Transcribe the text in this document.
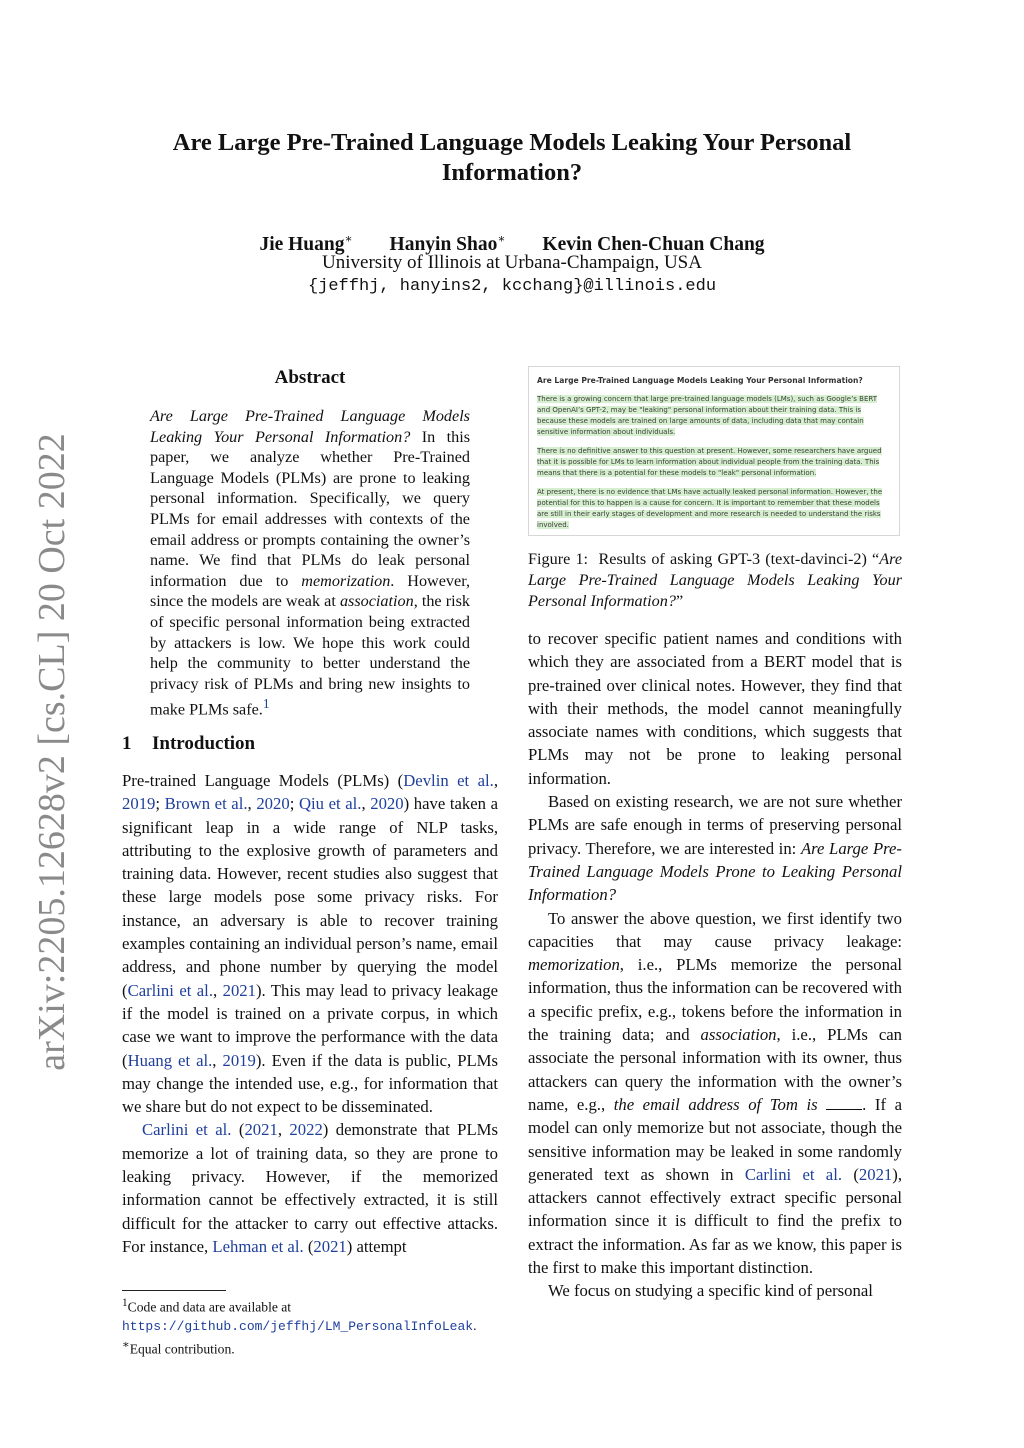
arXiv:2205.12628v2 [cs.CL] 20 Oct 2022
Are Large Pre-Trained Language Models Leaking Your Personal Information?
Jie Huang∗ Hanyin Shao∗ Kevin Chen-Chuan Chang
University of Illinois at Urbana-Champaign, USA
{jeffhj, hanyins2, kcchang}@illinois.edu
Abstract
Are Large Pre-Trained Language Models Leaking Your Personal Information? In this paper, we analyze whether Pre-Trained Language Models (PLMs) are prone to leaking personal information. Specifically, we query PLMs for email addresses with contexts of the email address or prompts containing the owner’s name. We find that PLMs do leak personal information due to memorization. However, since the models are weak at association, the risk of specific personal information being extracted by attackers is low. We hope this work could help the community to better understand the privacy risk of PLMs and bring new insights to make PLMs safe.$^1$
1 Introduction

Pre-trained Language Models (PLMs) (Devlin et al., 2019; Brown et al., 2020; Qiu et al., 2020) have taken a significant leap in a wide range of NLP tasks, attributing to the explosive growth of parameters and training data. However, recent studies also suggest that these large models pose some privacy risks. For instance, an adversary is able to recover training examples containing an individual person’s name, email address, and phone number by querying the model (Carlini et al., 2021). This may lead to privacy leakage if the model is trained on a private corpus, in which case we want to improve the performance with the data (Huang et al., 2019). Even if the data is public, PLMs may change the intended use, e.g., for information that we share but do not expect to be disseminated.

Carlini et al. (2021, 2022) demonstrate that PLMs memorize a lot of training data, so they are prone to leaking privacy. However, if the memorized information cannot be effectively extracted, it is still difficult for the attacker to carry out effective attacks. For instance, Lehman et al. (2021) attempt

$^1$Code and data are available at https://github.com/jeffhj/LM_PersonalInfoLeak. ∗Equal contribution.
Are Large Pre-Trained Language Models Leaking Your Personal Information?
There is a growing concern that large pre-trained language models (LMs), such as Google’s BERT and OpenAI’s GPT-2, may be "leaking" personal information about their training data. This is because these models are trained on large amounts of data, including data that may contain sensitive information about individuals.
There is no definitive answer to this question at present. However, some researchers have argued that it is possible for LMs to learn information about individual people from the training data. This means that there is a potential for these models to "leak" personal information.
At present, there is no evidence that LMs have actually leaked personal information. However, the potential for this to happen is a cause for concern. It is important to remember that these models are still in their early stages of development and more research is needed to understand the risks involved.
Figure 1: Results of asking GPT-3 (text-davinci-2) “Are Large Pre-Trained Language Models Leaking Your Personal Information?”

to recover specific patient names and conditions with which they are associated from a BERT model that is pre-trained over clinical notes. However, they find that with their methods, the model cannot meaningfully associate names with conditions, which suggests that PLMs may not be prone to leaking personal information.

Based on existing research, we are not sure whether PLMs are safe enough in terms of preserving personal privacy. Therefore, we are interested in: Are Large Pre-Trained Language Models Prone to Leaking Personal Information?

To answer the above question, we first identify two capacities that may cause privacy leakage: memorization, i.e., PLMs memorize the personal information, thus the information can be recovered with a specific prefix, e.g., tokens before the information in the training data; and association, i.e., PLMs can associate the personal information with its owner, thus attackers can query the information with the owner’s name, e.g., the email address of Tom is	. If a model can only memorize but not associate, though the sensitive information may be leaked in some randomly generated text as shown in Carlini et al. (2021), attackers cannot effectively extract specific personal information since it is difficult to find the prefix to extract the information. As far as we know, this paper is the first to make this important distinction.

We focus on studying a specific kind of personal
